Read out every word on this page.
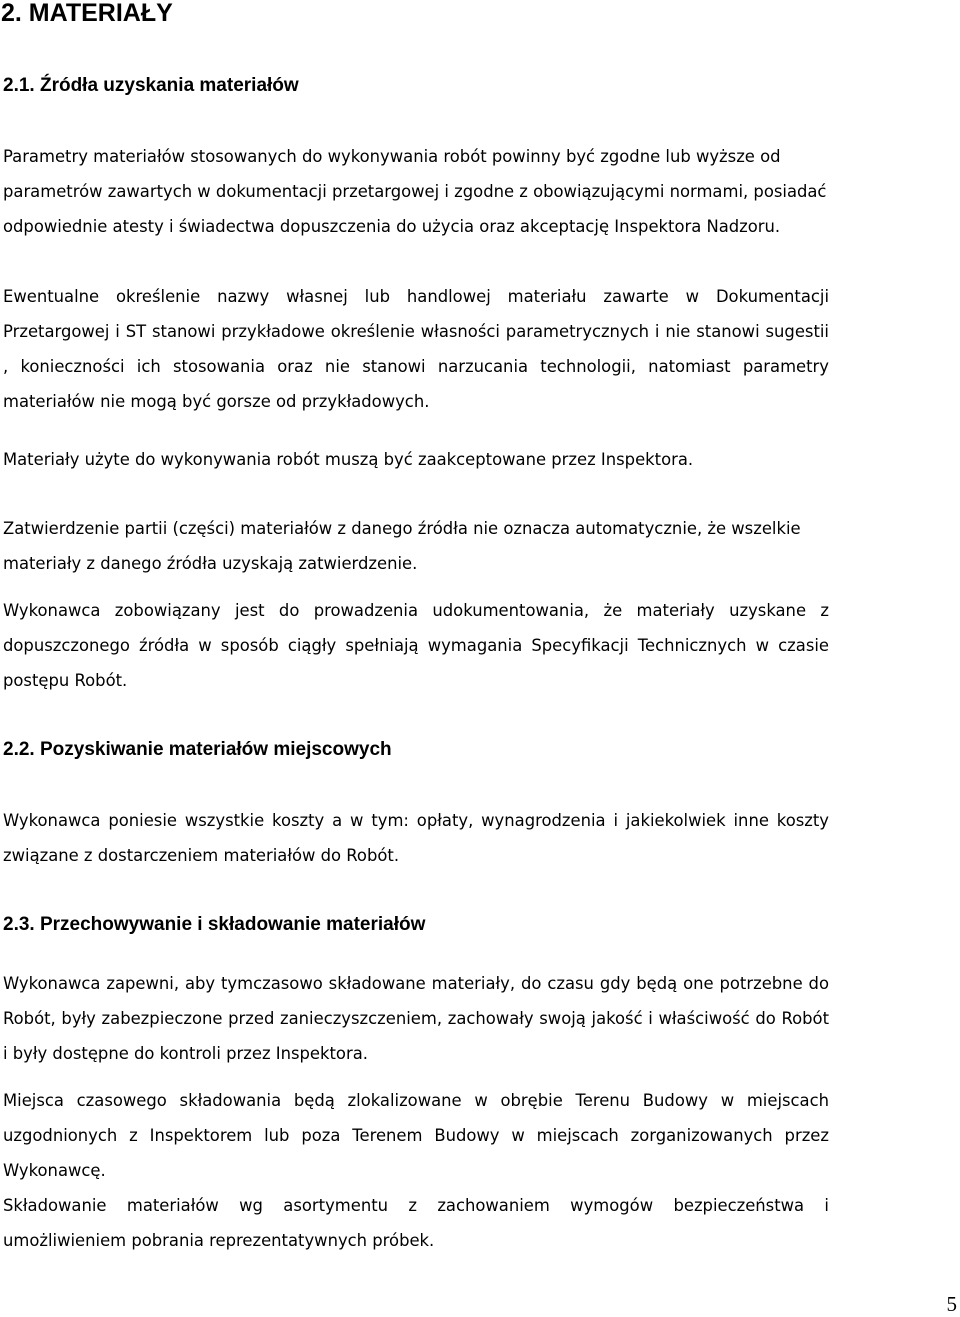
2. MATERIAŁY
2.1. Źródła uzyskania materiałów

Parametry materiałów stosowanych do wykonywania robót powinny być zgodne lub wyższe od parametrów zawartych w dokumentacji przetargowej i zgodne z obowiązującymi normami, posiadać odpowiednie atesty i świadectwa dopuszczenia do użycia oraz akceptację Inspektora Nadzoru.

Ewentualne określenie nazwy własnej lub handlowej materiału zawarte w Dokumentacji Przetargowej i ST stanowi przykładowe określenie własności parametrycznych i nie stanowi sugestii , konieczności ich stosowania oraz nie stanowi narzucania technologii, natomiast parametry materiałów nie mogą być gorsze od przykładowych.

Materiały użyte do wykonywania robót muszą być zaakceptowane przez Inspektora.

Zatwierdzenie partii (części) materiałów z danego źródła nie oznacza automatycznie, że wszelkie materiały z danego źródła uzyskają zatwierdzenie.

Wykonawca zobowiązany jest do prowadzenia udokumentowania, że materiały uzyskane z dopuszczonego źródła w sposób ciągły spełniają wymagania Specyfikacji Technicznych w czasie postępu Robót.

2.2. Pozyskiwanie materiałów miejscowych

Wykonawca poniesie wszystkie koszty a w tym: opłaty, wynagrodzenia i jakiekolwiek inne koszty związane z dostarczeniem materiałów do Robót.

2.3. Przechowywanie i składowanie materiałów

Wykonawca zapewni, aby tymczasowo składowane materiały, do czasu gdy będą one potrzebne do Robót, były zabezpieczone przed zanieczyszczeniem, zachowały swoją jakość i właściwość do Robót i były dostępne do kontroli przez Inspektora.

Miejsca czasowego składowania będą zlokalizowane w obrębie Terenu Budowy w miejscach uzgodnionych z Inspektorem lub poza Terenem Budowy w miejscach zorganizowanych przez Wykonawcę.

Składowanie materiałów wg asortymentu z zachowaniem wymogów bezpieczeństwa i umożliwieniem pobrania reprezentatywnych próbek.

5
